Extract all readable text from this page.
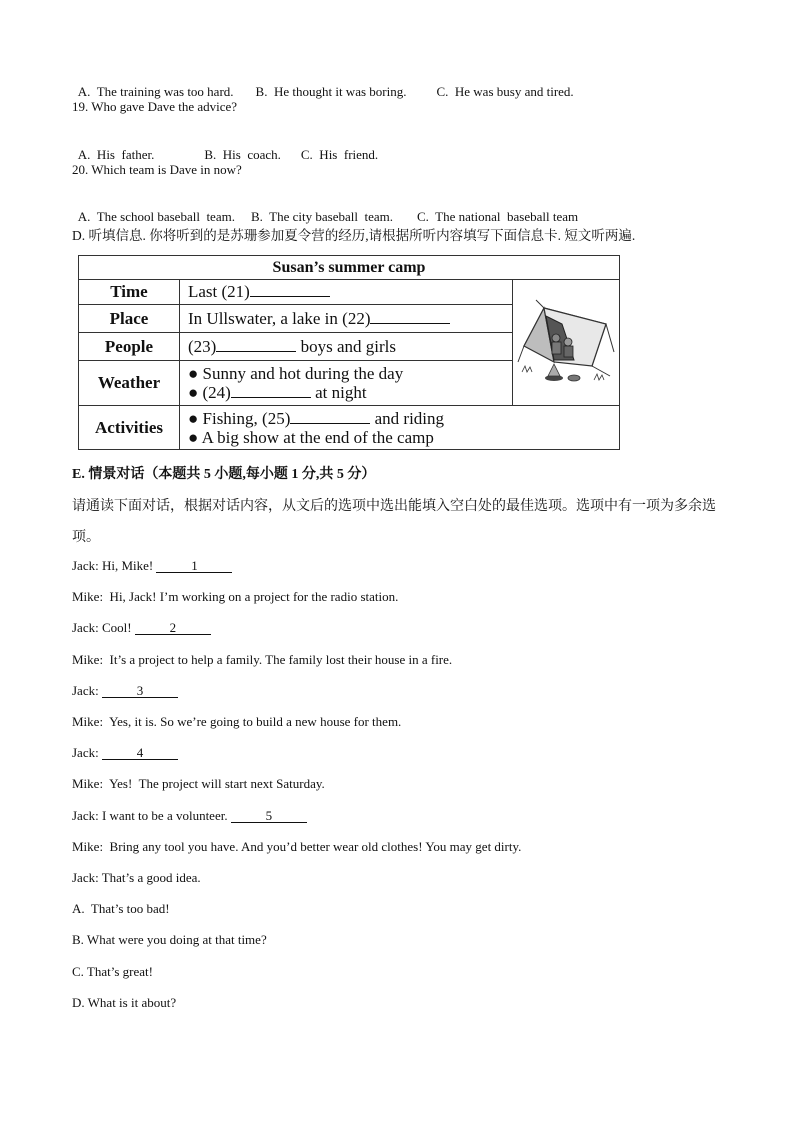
A.  The training was too hard. B.  He thought it was boring. C.  He was busy and tired.

19. Who gave Dave the advice?

A.  His  father.	B.  His  coach. C.  His  friend.

20. Which team is Dave in now?

A.  The school baseball  team. B.  The city baseball  team. C.  The national  baseball team

D. 听填信息. 你将听到的是苏珊参加夏令营的经历,请根据所听内容填写下面信息卡. 短文听两遍.
Susan’s summer camp		
Time	Last (21)	
Place	In Ullswater, a lake in (22)	
People	(23) boys and girls	
Weather	● Sunny and hot during the day
● (24) at night	

Activities	● Fishing, (25) and riding
● A big show at the end of the camp	
E. 情景对话（本题共 5 小题,每小题 1 分,共 5 分）
请通读下面对话，根据对话内容，从文后的选项中选出能填入空白处的最佳选项。选项中有一项为多余选
项。
Jack: Hi, Mike!	1
Mike:  Hi, Jack! I’m working on a project for the radio station.
Jack: Cool!	2
Mike:  It’s a project to help a family. The family lost their house in a fire.
Jack:	3
Mike:  Yes, it is. So we’re going to build a new house for them.
Jack:	4
Mike:  Yes!  The project will start next Saturday.
Jack: I want to be a volunteer.	5
Mike:  Bring any tool you have. And you’d better wear old clothes! You may get dirty.
Jack: That’s a good idea.
A.  That’s too bad!
B. What were you doing at that time?
C. That’s great!
D. What is it about?
